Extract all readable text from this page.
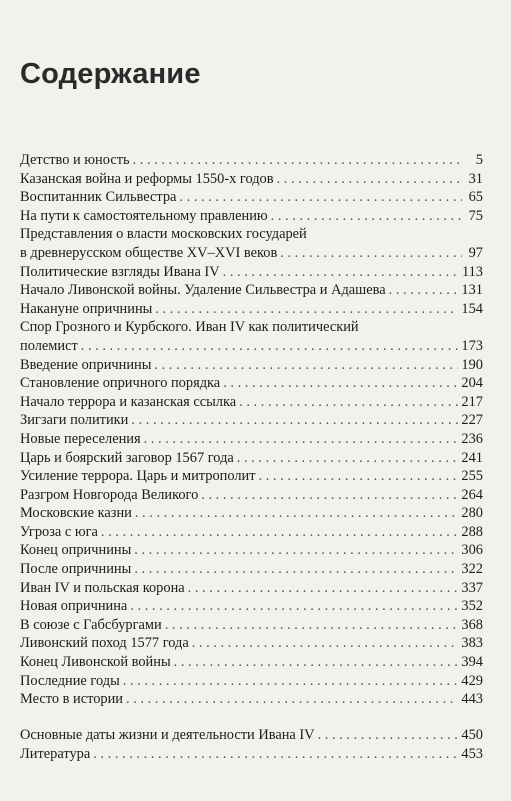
Содержание
Детство и юность . . .	5
Казанская война и реформы 1550-х годов . . .	31
Воспитанник Сильвестра . . .	65
На пути к самостоятельному правлению . . .	75
Представления о власти московских государей
в древнерусском обществе XV–XVI веков . . .	97
Политические взгляды Ивана IV . . .	113
Начало Ливонской войны. Удаление Сильвестра и Адашева . . .	131
Накануне опричнины . . .	154
Спор Грозного и Курбского. Иван IV как политический
полемист . . .	173
Введение опричнины . . .	190
Становление опричного порядка . . .	204
Начало террора и казанская ссылка . . .	217
Зигзаги политики . . .	227
Новые переселения . . .	236
Царь и боярский заговор 1567 года . . .	241
Усиление террора. Царь и митрополит . . .	255
Разгром Новгорода Великого . . .	264
Московские казни . . .	280
Угроза с юга . . .	288
Конец опричнины . . .	306
После опричнины . . .	322
Иван IV и польская корона . . .	337
Новая опричнина . . .	352
В союзе с Габсбургами . . .	368
Ливонский поход 1577 года . . .	383
Конец Ливонской войны . . .	394
Последние годы . . .	429
Место в истории . . .	443
Основные даты жизни и деятельности Ивана IV . . .	450
Литература . . .	453
